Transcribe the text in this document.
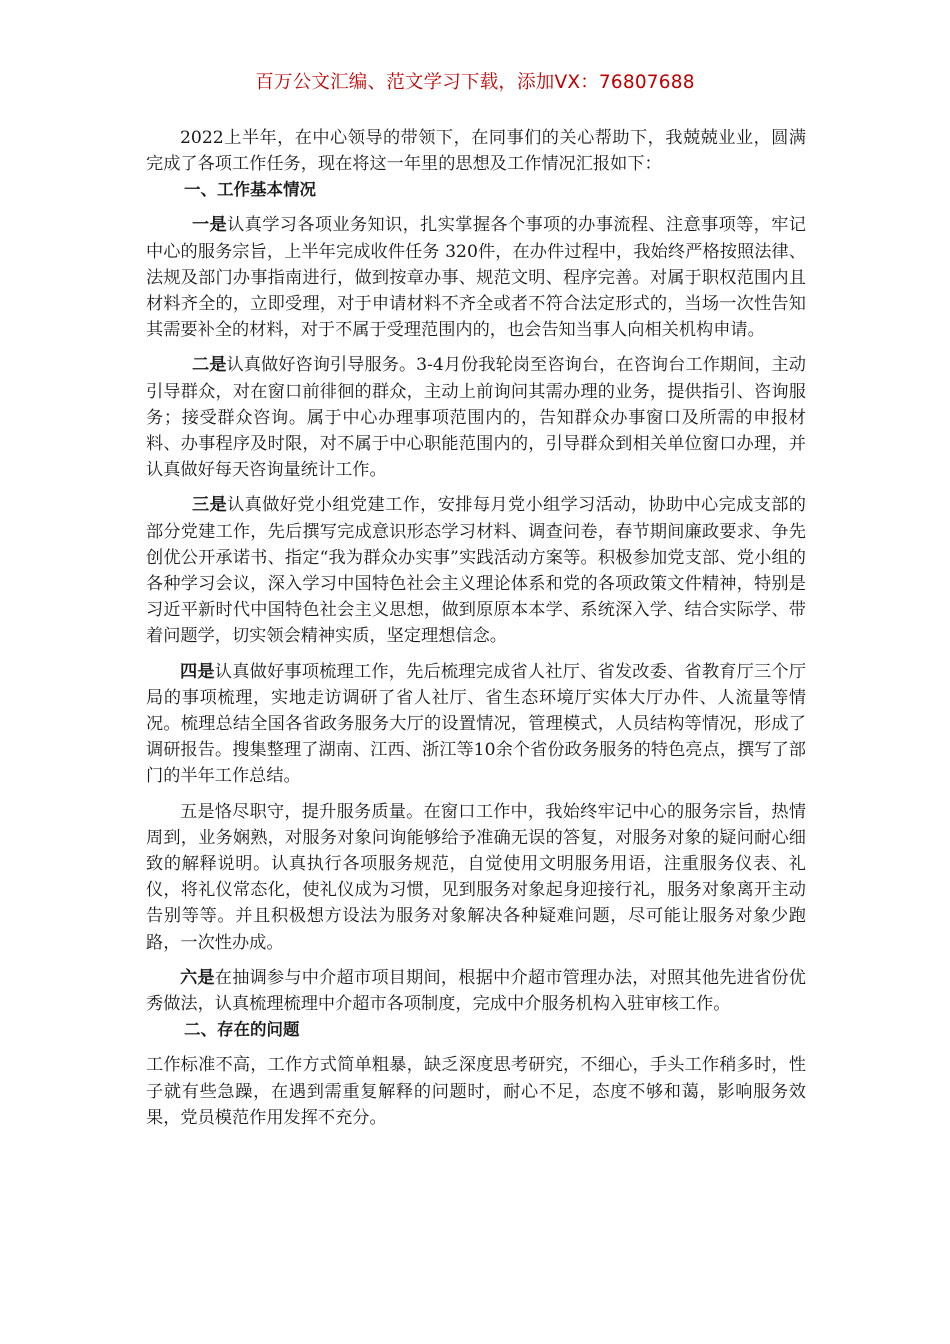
百万公文汇编、范文学习下载，添加VX：76807688

2022上半年，在中心领导的带领下，在同事们的关心帮助下，我兢兢业业，圆满完成了各项工作任务，现在将这一年里的思想及工作情况汇报如下：

一、工作基本情况

一是认真学习各项业务知识，扎实掌握各个事项的办事流程、注意事项等，牢记中心的服务宗旨，上半年完成收件任务 320件，在办件过程中，我始终严格按照法律、法规及部门办事指南进行，做到按章办事、规范文明、程序完善。对属于职权范围内且材料齐全的，立即受理，对于申请材料不齐全或者不符合法定形式的，当场一次性告知其需要补全的材料，对于不属于受理范围内的，也会告知当事人向相关机构申请。

二是认真做好咨询引导服务。3-4月份我轮岗至咨询台，在咨询台工作期间，主动引导群众，对在窗口前徘徊的群众，主动上前询问其需办理的业务，提供指引、咨询服务；接受群众咨询。属于中心办理事项范围内的，告知群众办事窗口及所需的申报材料、办事程序及时限，对不属于中心职能范围内的，引导群众到相关单位窗口办理，并认真做好每天咨询量统计工作。

三是认真做好党小组党建工作，安排每月党小组学习活动，协助中心完成支部的部分党建工作，先后撰写完成意识形态学习材料、调查问卷，春节期间廉政要求、争先创优公开承诺书、指定“我为群众办实事”实践活动方案等。积极参加党支部、党小组的各种学习会议，深入学习中国特色社会主义理论体系和党的各项政策文件精神，特别是习近平新时代中国特色社会主义思想，做到原原本本学、系统深入学、结合实际学、带着问题学，切实领会精神实质，坚定理想信念。

四是认真做好事项梳理工作，先后梳理完成省人社厅、省发改委、省教育厅三个厅局的事项梳理，实地走访调研了省人社厅、省生态环境厅实体大厅办件、人流量等情况。梳理总结全国各省政务服务大厅的设置情况，管理模式，人员结构等情况，形成了调研报告。搜集整理了湖南、江西、浙江等10余个省份政务服务的特色亮点，撰写了部门的半年工作总结。

五是恪尽职守，提升服务质量。在窗口工作中，我始终牢记中心的服务宗旨，热情周到，业务娴熟，对服务对象问询能够给予准确无误的答复，对服务对象的疑问耐心细致的解释说明。认真执行各项服务规范，自觉使用文明服务用语，注重服务仪表、礼仪，将礼仪常态化，使礼仪成为习惯，见到服务对象起身迎接行礼，服务对象离开主动告别等等。并且积极想方设法为服务对象解决各种疑难问题，尽可能让服务对象少跑路，一次性办成。

六是在抽调参与中介超市项目期间，根据中介超市管理办法，对照其他先进省份优秀做法，认真梳理梳理中介超市各项制度，完成中介服务机构入驻审核工作。

二、存在的问题

工作标准不高，工作方式简单粗暴，缺乏深度思考研究，不细心，手头工作稍多时，性子就有些急躁，在遇到需重复解释的问题时，耐心不足，态度不够和蔼，影响服务效果，党员模范作用发挥不充分。
